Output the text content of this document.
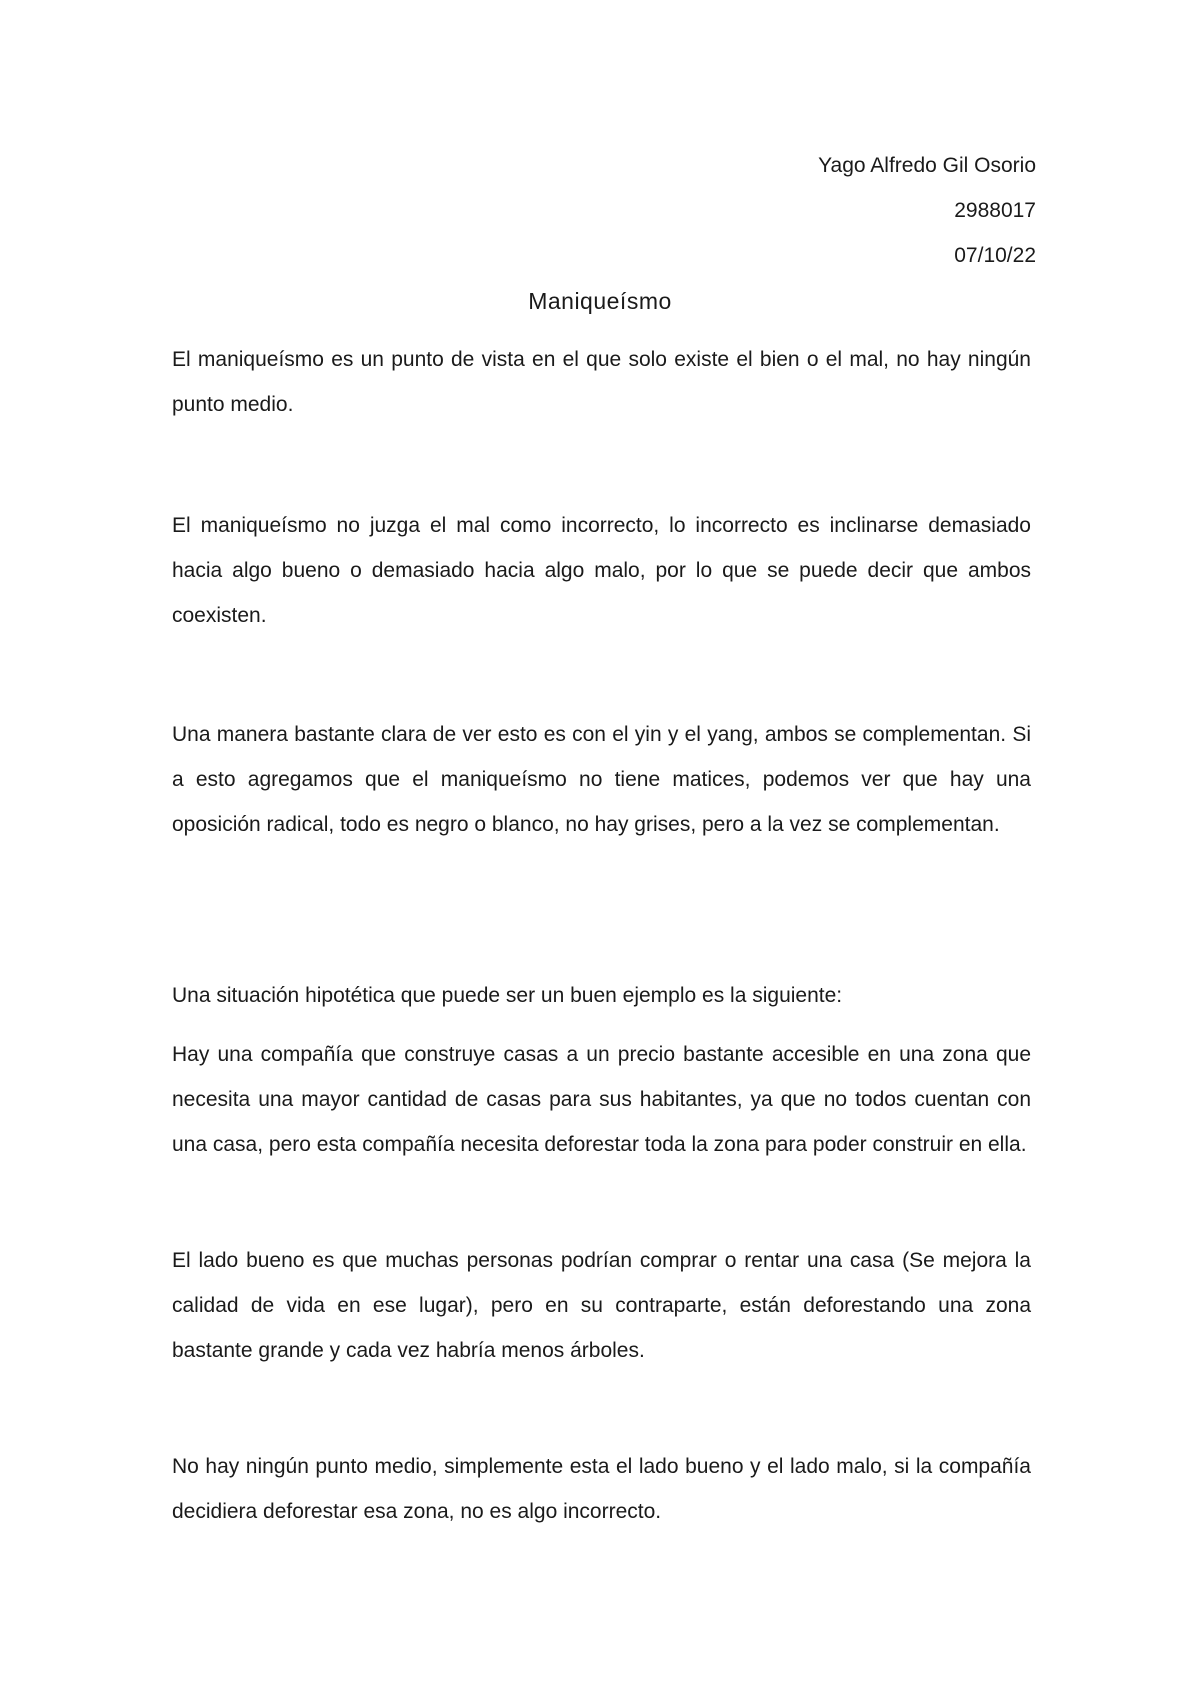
Yago Alfredo Gil Osorio
2988017
07/10/22
Maniqueísmo

El maniqueísmo es un punto de vista en el que solo existe el bien o el mal, no hay ningún punto medio.

El maniqueísmo no juzga el mal como incorrecto, lo incorrecto es inclinarse demasiado hacia algo bueno o demasiado hacia algo malo, por lo que se puede decir que ambos coexisten.

Una manera bastante clara de ver esto es con el yin y el yang, ambos se complementan. Si a esto agregamos que el maniqueísmo no tiene matices, podemos ver que hay una oposición radical, todo es negro o blanco, no hay grises, pero a la vez se complementan.

Una situación hipotética que puede ser un buen ejemplo es la siguiente:

Hay una compañía que construye casas a un precio bastante accesible en una zona que necesita una mayor cantidad de casas para sus habitantes, ya que no todos cuentan con una casa, pero esta compañía necesita deforestar toda la zona para poder construir en ella.

El lado bueno es que muchas personas podrían comprar o rentar una casa (Se mejora la calidad de vida en ese lugar), pero en su contraparte, están deforestando una zona bastante grande y cada vez habría menos árboles.

No hay ningún punto medio, simplemente esta el lado bueno y el lado malo, si la compañía decidiera deforestar esa zona, no es algo incorrecto.
